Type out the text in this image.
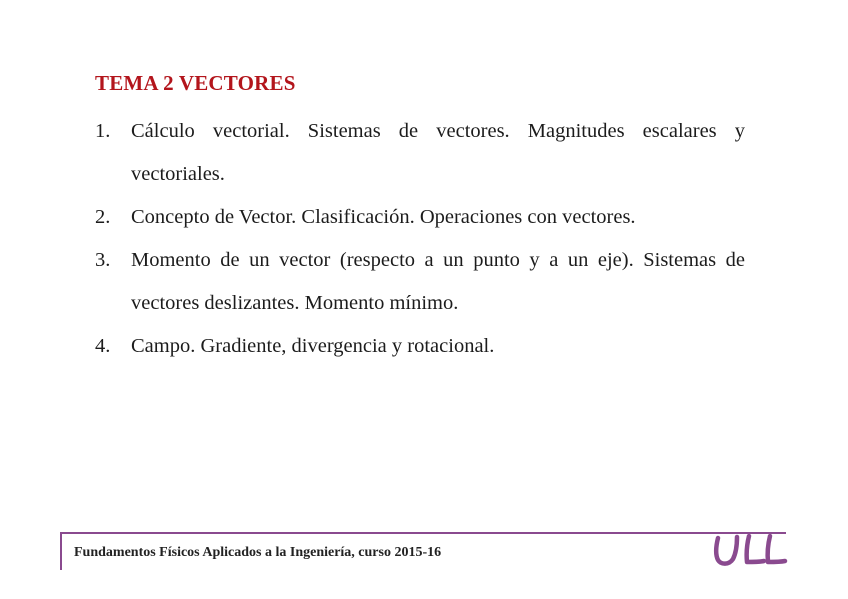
TEMA 2 VECTORES
1.	Cálculo vectorial. Sistemas de vectores. Magnitudes escalares y vectoriales.
2.	Concepto de Vector. Clasificación. Operaciones con vectores.
3.	Momento de un vector (respecto a un punto y a un eje). Sistemas de vectores deslizantes. Momento mínimo.
4.	Campo. Gradiente, divergencia y rotacional.
Fundamentos Físicos Aplicados a la Ingeniería, curso 2015-16
